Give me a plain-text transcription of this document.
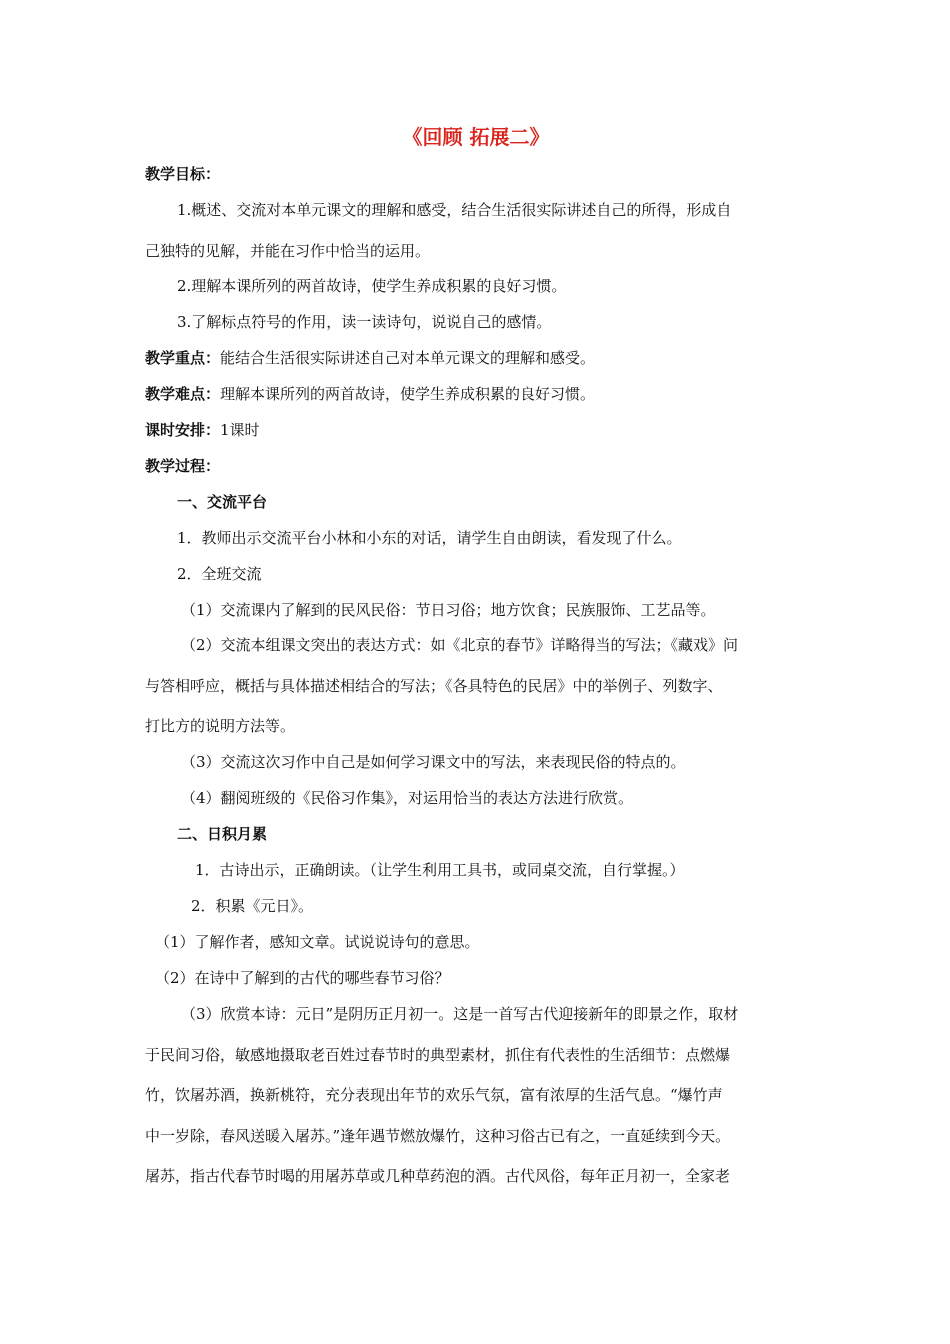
《回顾 拓展二》
教学目标：
1.概述、交流对本单元课文的理解和感受，结合生活很实际讲述自己的所得，形成自
己独特的见解，并能在习作中恰当的运用。
2.理解本课所列的两首故诗，使学生养成积累的良好习惯。
3.了解标点符号的作用，读一读诗句，说说自己的感情。
教学重点：能结合生活很实际讲述自己对本单元课文的理解和感受。
教学难点：理解本课所列的两首故诗，使学生养成积累的良好习惯。
课时安排：1课时
教学过程：
一、交流平台
1．教师出示交流平台小林和小东的对话，请学生自由朗读，看发现了什么。
2．全班交流
（1）交流课内了解到的民风民俗：节日习俗；地方饮食；民族服饰、工艺品等。
（2）交流本组课文突出的表达方式：如《北京的春节》详略得当的写法；《藏戏》问
与答相呼应，概括与具体描述相结合的写法；《各具特色的民居》中的举例子、列数字、
打比方的说明方法等。
（3）交流这次习作中自己是如何学习课文中的写法，来表现民俗的特点的。
（4）翻阅班级的《民俗习作集》，对运用恰当的表达方法进行欣赏。
二、日积月累
1．古诗出示，正确朗读。（让学生利用工具书，或同桌交流，自行掌握。）
2．积累《元日》。
（1）了解作者，感知文章。试说说诗句的意思。
（2）在诗中了解到的古代的哪些春节习俗？
（3）欣赏本诗：元日”是阴历正月初一。这是一首写古代迎接新年的即景之作，取材
于民间习俗，敏感地摄取老百姓过春节时的典型素材，抓住有代表性的生活细节：点燃爆
竹，饮屠苏酒，换新桃符，充分表现出年节的欢乐气氛，富有浓厚的生活气息。“爆竹声
中一岁除，春风送暖入屠苏。”逢年遇节燃放爆竹，这种习俗古已有之，一直延续到今天。
屠苏，指古代春节时喝的用屠苏草或几种草药泡的酒。古代风俗，每年正月初一，全家老
